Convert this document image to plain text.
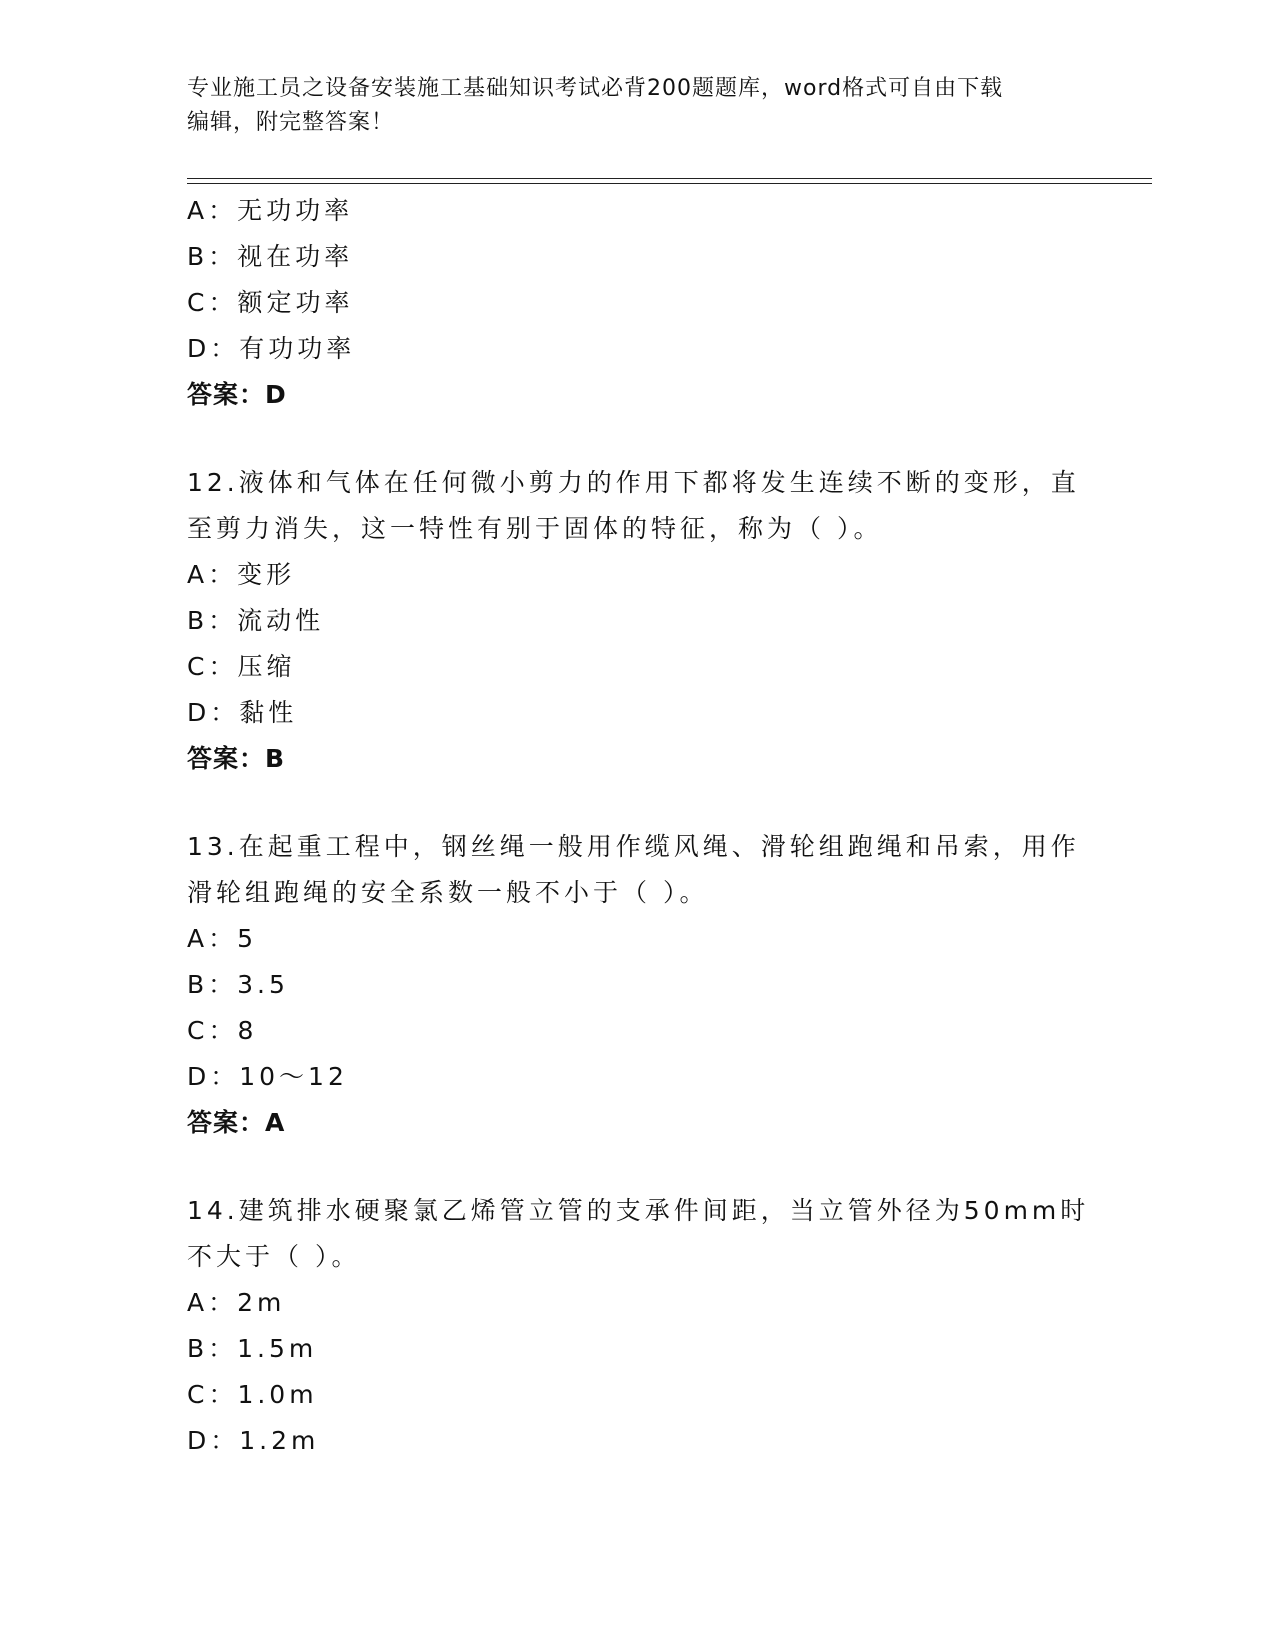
专业施工员之设备安装施工基础知识考试必背200题题库，word格式可自由下载
编辑，附完整答案！
A：无功功率
B：视在功率
C：额定功率
D：有功功率
答案：D
12.液体和气体在任何微小剪力的作用下都将发生连续不断的变形，直
至剪力消失，这一特性有别于固体的特征，称为（ ）。
A：变形
B：流动性
C：压缩
D：黏性
答案：B
13.在起重工程中，钢丝绳一般用作缆风绳、滑轮组跑绳和吊索，用作
滑轮组跑绳的安全系数一般不小于（ ）。
A：5
B：3.5
C：8
D：10～12
答案：A
14.建筑排水硬聚氯乙烯管立管的支承件间距，当立管外径为50mm时
不大于（ ）。
A：2m
B：1.5m
C：1.0m
D：1.2m
